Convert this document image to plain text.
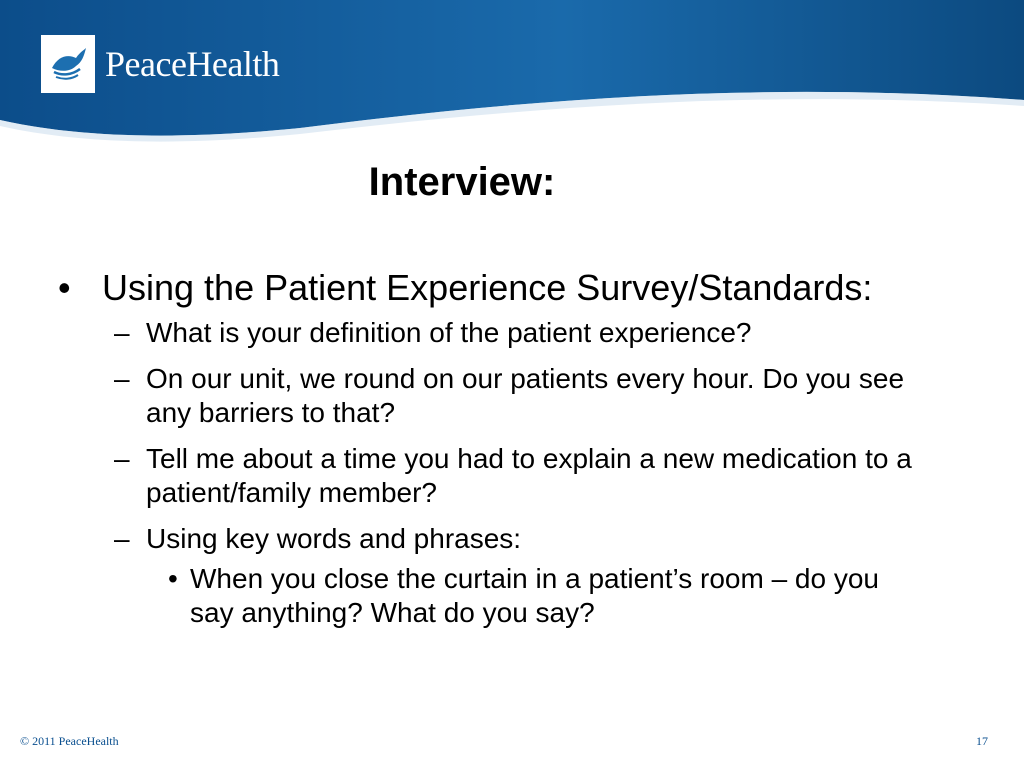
PeaceHealth
Interview:

• Using the Patient Experience Survey/Standards:

– What is your definition of the patient experience?

– On our unit, we round on our patients every hour. Do you see any barriers to that?

– Tell me about a time you had to explain a new medication to a patient/family member?

– Using key words and phrases:

• When you close the curtain in a patient’s room – do you say anything? What do you say?

© 2011 PeaceHealth	17
